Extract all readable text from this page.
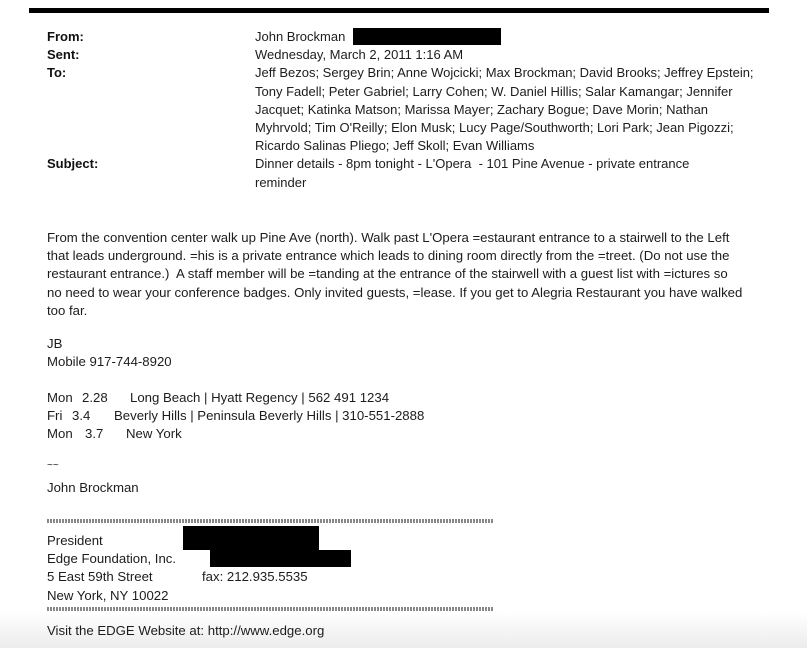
From:	John Brockman
Sent:	Wednesday, March 2, 2011 1:16 AM
To:	Jeff Bezos; Sergey Brin; Anne Wojcicki; Max Brockman; David Brooks; Jeffrey Epstein;
Tony Fadell; Peter Gabriel; Larry Cohen; W. Daniel Hillis; Salar Kamangar; Jennifer
Jacquet; Katinka Matson; Marissa Mayer; Zachary Bogue; Dave Morin; Nathan
Myhrvold; Tim O'Reilly; Elon Musk; Lucy Page/Southworth; Lori Park; Jean Pigozzi;
Ricardo Salinas Pliego; Jeff Skoll; Evan Williams
Subject:	Dinner details - 8pm tonight - L'Opera  - 101 Pine Avenue - private entrance
reminder
From the convention center walk up Pine Ave (north). Walk past L'Opera =estaurant entrance to a stairwell to the Left
that leads underground. =his is a private entrance which leads to dining room directly from the =treet. (Do not use the
restaurant entrance.)  A staff member will be =tanding at the entrance of the stairwell with a guest list with =ictures so
no need to wear your conference badges. Only invited guests, =lease. If you get to Alegria Restaurant you have walked
too far.
JB
Mobile 917-744-8920
Mon 2.28	Long Beach | Hyatt Regency | 562 491 1234
Fri 3.4	Beverly Hills | Peninsula Beverly Hills | 310-551-2888
Mon 3.7	New York
~~
John Brockman
President
Edge Foundation, Inc.
5 East 59th Street	fax: 212.935.5535
New York, NY 10022
Visit the EDGE Website at: http://www.edge.org
